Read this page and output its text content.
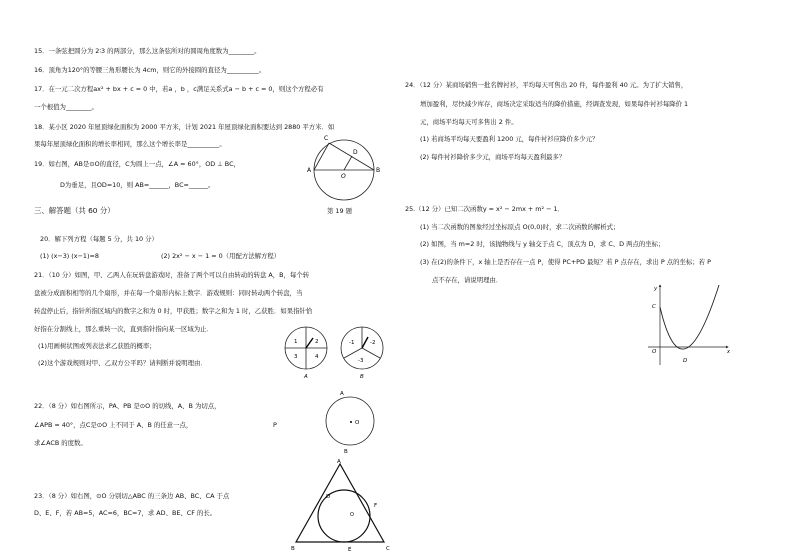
15．一条弦把圆分为 2∶3 的两部分，那么这条弦所对的圆周角度数为________。
16．顶角为120°的等腰三角形腰长为 4cm，则它的外接圆的直径为__________。
17．在一元二次方程ax² + bx + c = 0 中，若a ，b ，c满足关系式a − b + c = 0，则这个方程必有
一个根值为________。
18．某小区 2020 年屋顶绿化面积为 2000 平方米，计划 2021 年屋顶绿化面积要达到 2880 平方米．如
果每年屋顶绿化面积的增长率相同，那么这个增长率是__________。
19．如右图，AB是⊙O的直径，C为圆上一点，∠A = 60°，OD ⊥ BC，
D为垂足，且OD=10，则 AB=______，BC=______。
A	B
C
D
O
第 19 题
三、解答题（共 60 分）
20．解下列方程（每题 5 分，共 10 分）
(1) (x−3) (x−1)=8	(2) 2x² − x − 1 = 0（用配方法解方程）
21．（10 分）如图，甲、乙两人在玩转盘游戏时，准备了两个可以自由转动的转盘 A，B，每个转
盘被分成面积相等的几个扇形，并在每一个扇形内标上数字．游戏规则：同时转动两个转盘，当
转盘停止后，指针所指区域内的数字之和为 0 时，甲获胜；数字之和为 1 时，乙获胜．如果指针恰
好指在分割线上，那么重转一次，直到指针指向某一区域为止．
(1)用画树状图或列表法求乙获胜的概率；
(2)这个游戏规则对甲、乙双方公平吗？请判断并说明理由．
1	2
3	4
A
-1	-2
-3
B
22．（8 分）如右图所示，PA、PB 是⊙O 的切线，A、B 为切点，
∠APB = 40°，点C是⊙O 上不同于 A、B 的任意一点，
求∠ACB 的度数。
P
A
B
O
23．（8 分）如右图，⊙O 分别切△ABC 的三条边 AB、BC、CA 于点
D、E、F，若 AB=5，AC=6，BC=7，求 AD、BE、CF 的长。
A
B	C
D
E
F
O
24．（12 分）某商场销售一批名牌衬衫，平均每天可售出 20 件，每件盈利 40 元。为了扩大销售，
增加盈利，尽快减少库存，商场决定采取适当的降价措施，经调查发现，如果每件衬衫每降价 1
元，商场平均每天可多售出 2 件。
(1) 若商场平均每天要盈利 1200 元，每件衬衫应降价多少元？
(2) 每件衬衫降价多少元，商场平均每天盈利最多？
25.（12 分）已知二次函数y = x² − 2mx + m² − 1．
(1) 当二次函数的图象经过坐标原点 O(0,0)时，求二次函数的解析式；
(2) 如图，当 m=2 时，该抛物线与 y 轴交于点 C，顶点为 D，求 C、D 两点的坐标；
(3) 在(2)的条件下，x 轴上是否存在一点 P，使得 PC+PD 最短？若 P 点存在，求出 P 点的坐标；若 P
点不存在，请说明理由．
y
x
O
C
D
